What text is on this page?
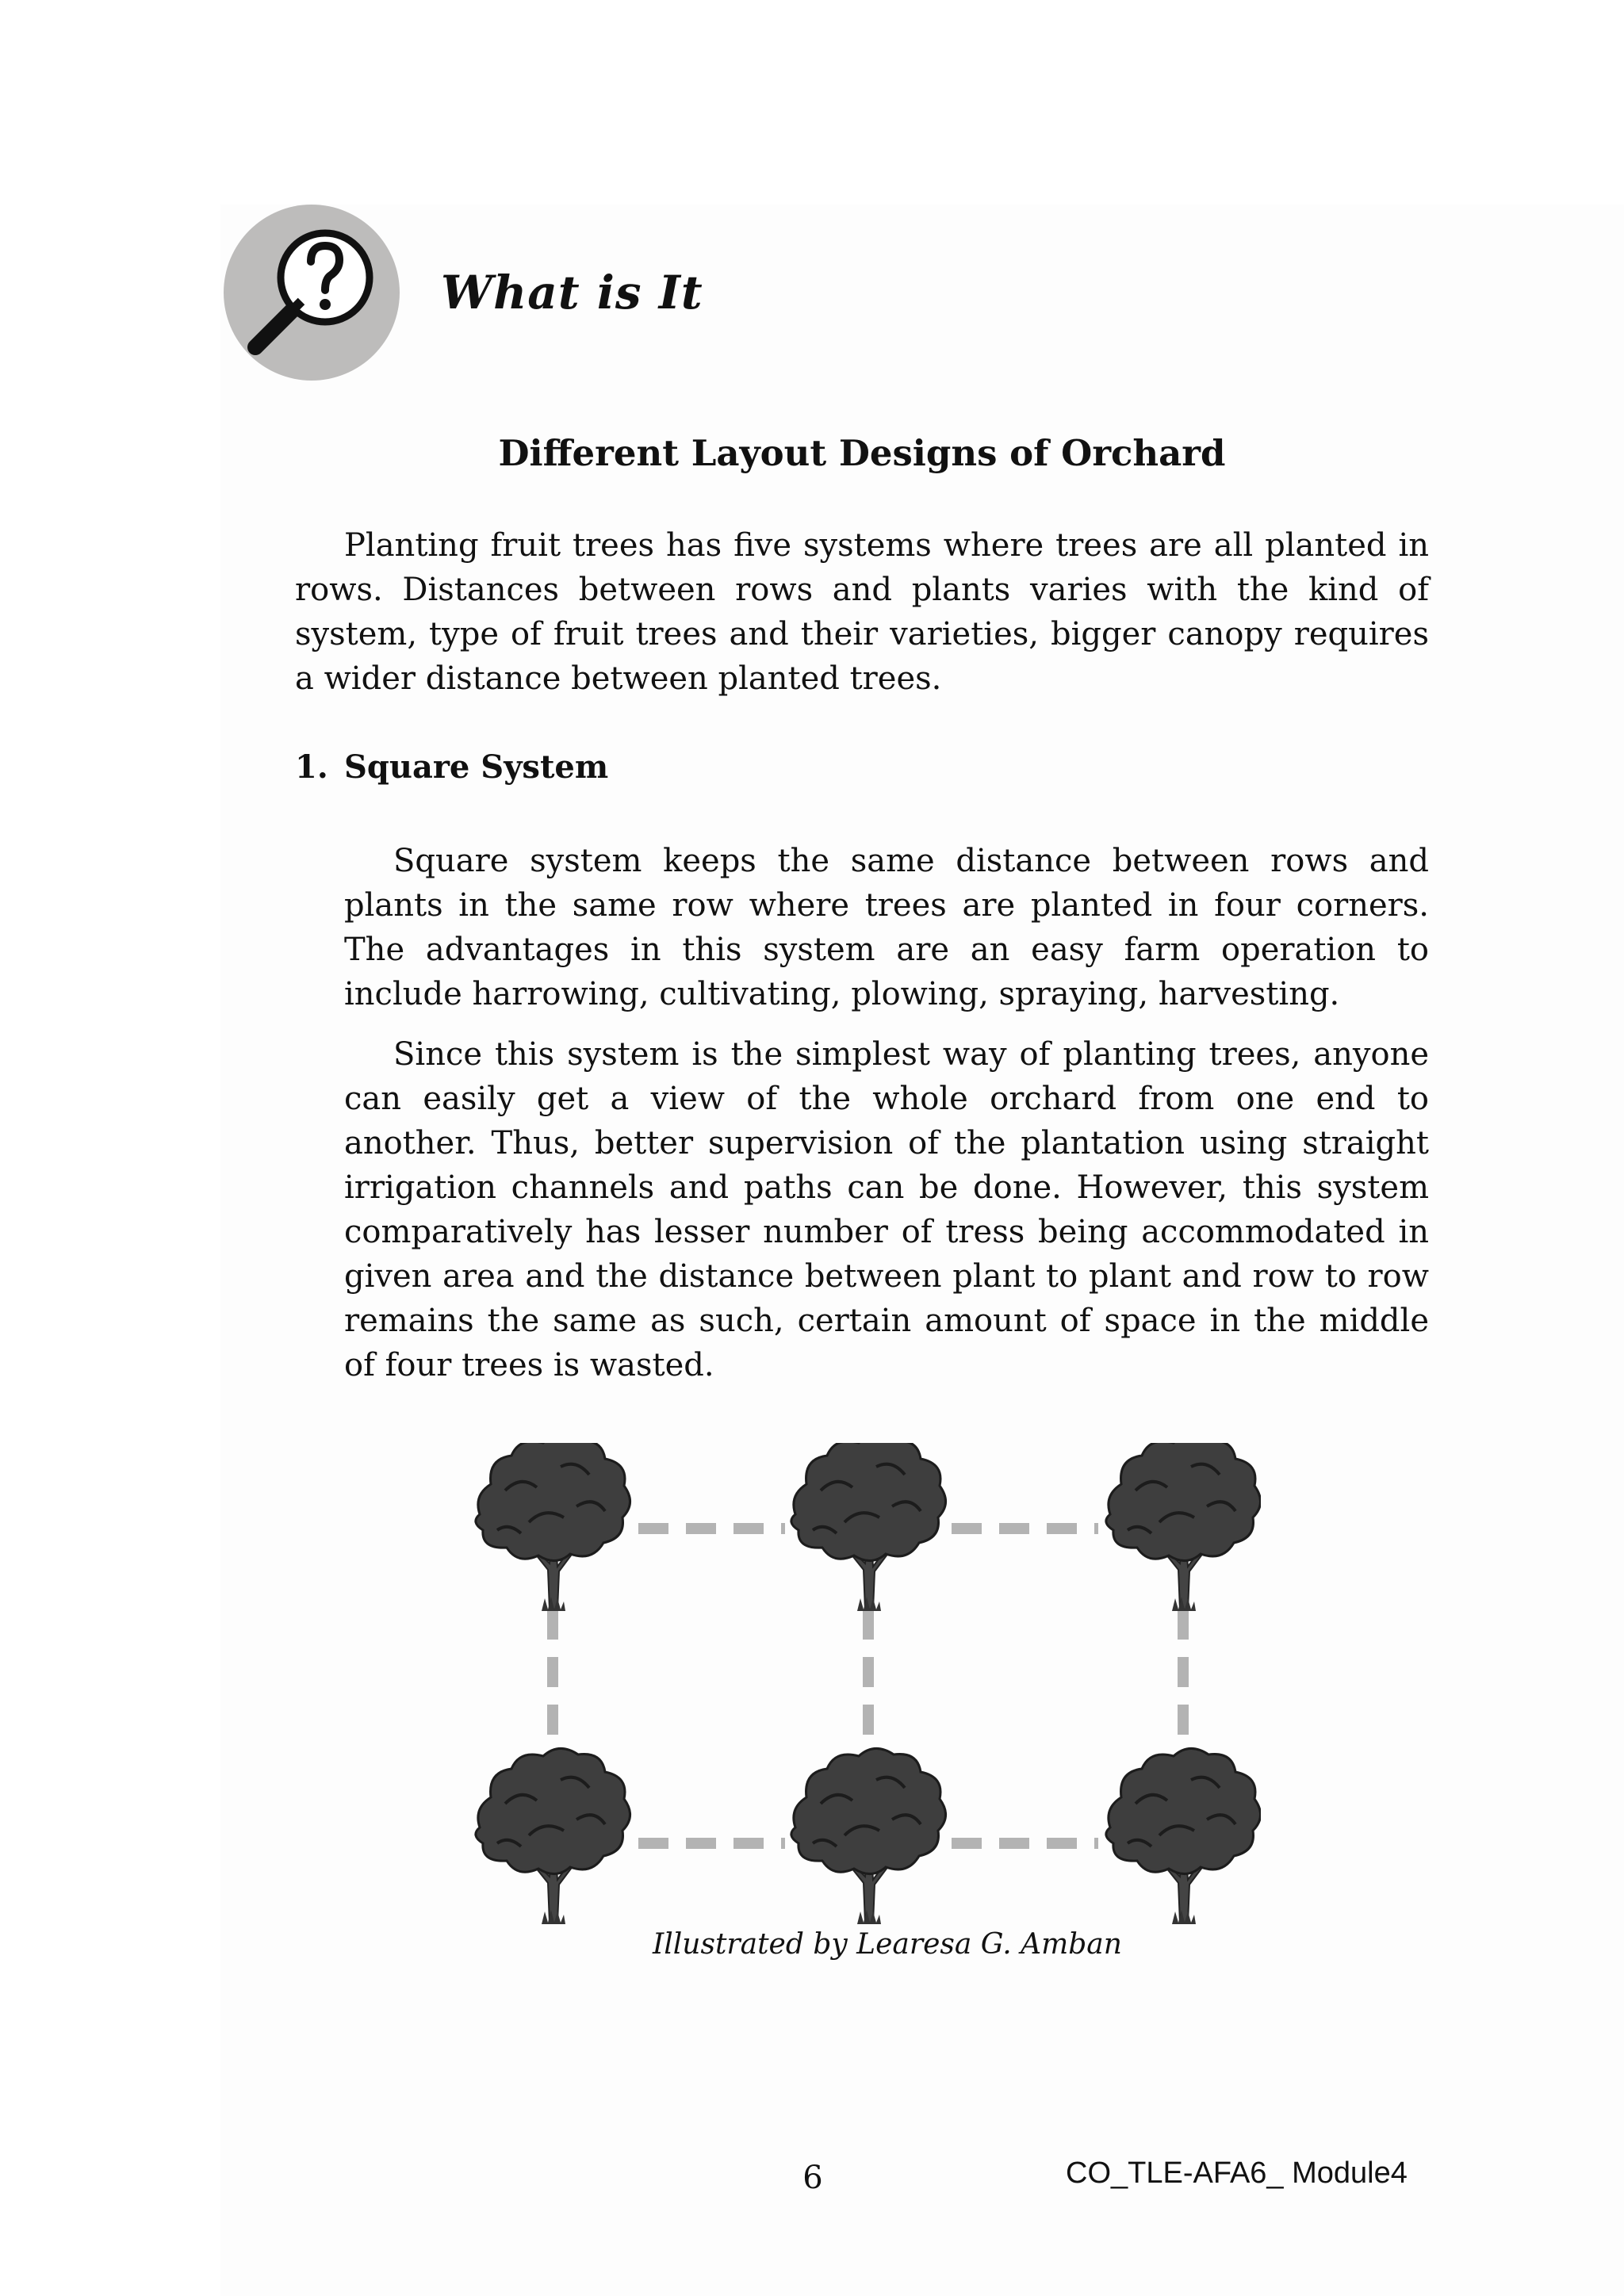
What is It
Different Layout Designs of Orchard

Planting fruit trees has five systems where trees are all planted in rows. Distances between rows and plants varies with the kind of system, type of fruit trees and their varieties, bigger canopy requires a wider distance between planted trees.

1. Square System

Square system keeps the same distance between rows and plants in the same row where trees are planted in four corners. The advantages in this system are an easy farm operation to include harrowing, cultivating, plowing, spraying, harvesting.

Since this system is the simplest way of planting trees, anyone can easily get a view of the whole orchard from one end to another. Thus, better supervision of the plantation using straight irrigation channels and paths can be done. However, this system comparatively has lesser number of tress being accommodated in given area and the distance between plant to plant and row to row remains the same as such, certain amount of space in the middle of four trees is wasted.

Illustrated by Learesa G. Amban
6	CO_TLE-AFA6_ Module4
